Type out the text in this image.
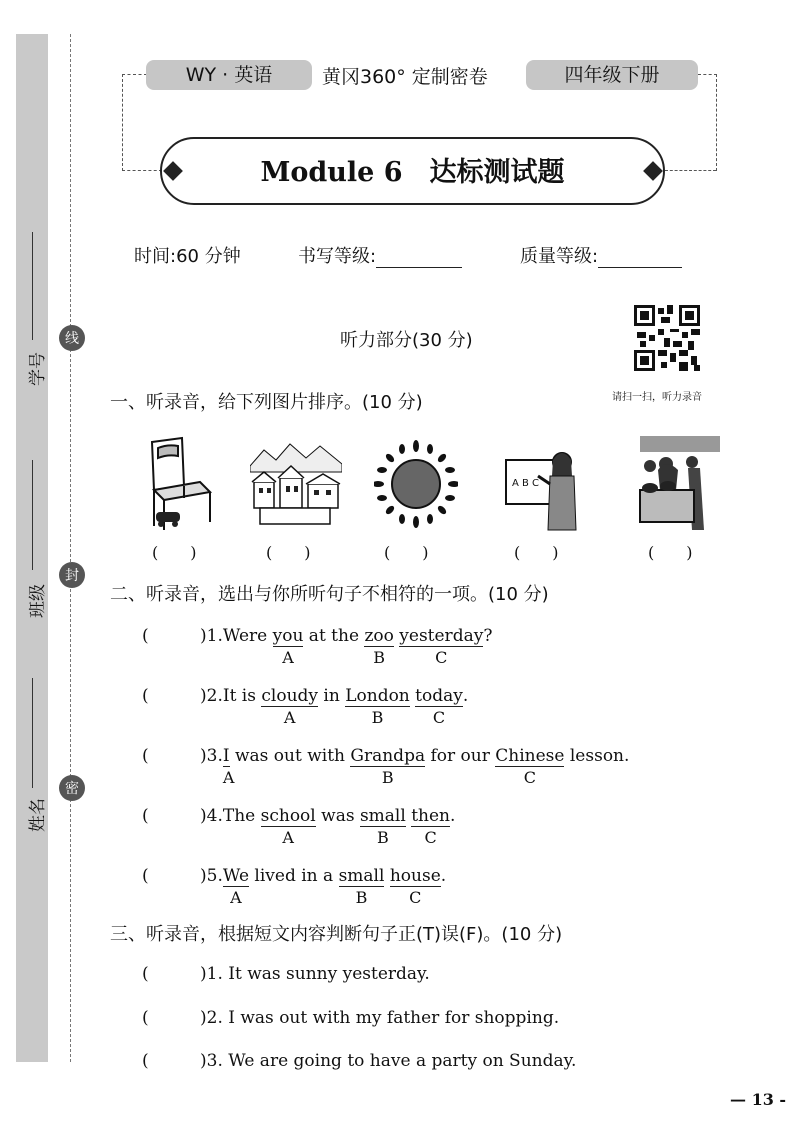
学号
班级
姓名
线
封
密
WY · 英语	黄冈360° 定制密卷	四年级下册
Module 6　达标测试题
时间:60 分钟	书写等级:	质量等级:
听力部分(30 分)
请扫一扫，听力录音
一、听录音，给下列图片排序。(10 分)
A B C
(　　)	(　　)	(　　)	(　　)	(　　)
二、听录音，选出与你所听句子不相符的一项。(10 分)
(	)1.Were you
A
at the zoo
B
yesterday
C
?
(	)2.It is cloudy
A
in London
B
today
C
.
(	)3.I
A
was out with Grandpa
B
for our Chinese
C
lesson.
(	)4.The school
A
was small
B
then
C
.
(	)5.We
A
lived in a small
B
house
C
.
三、听录音，根据短文内容判断句子正(T)误(F)。(10 分)
(	)1. It was sunny yesterday.
(	)2. I was out with my father for shopping.
(	)3. We are going to have a party on Sunday.
— 13 -
